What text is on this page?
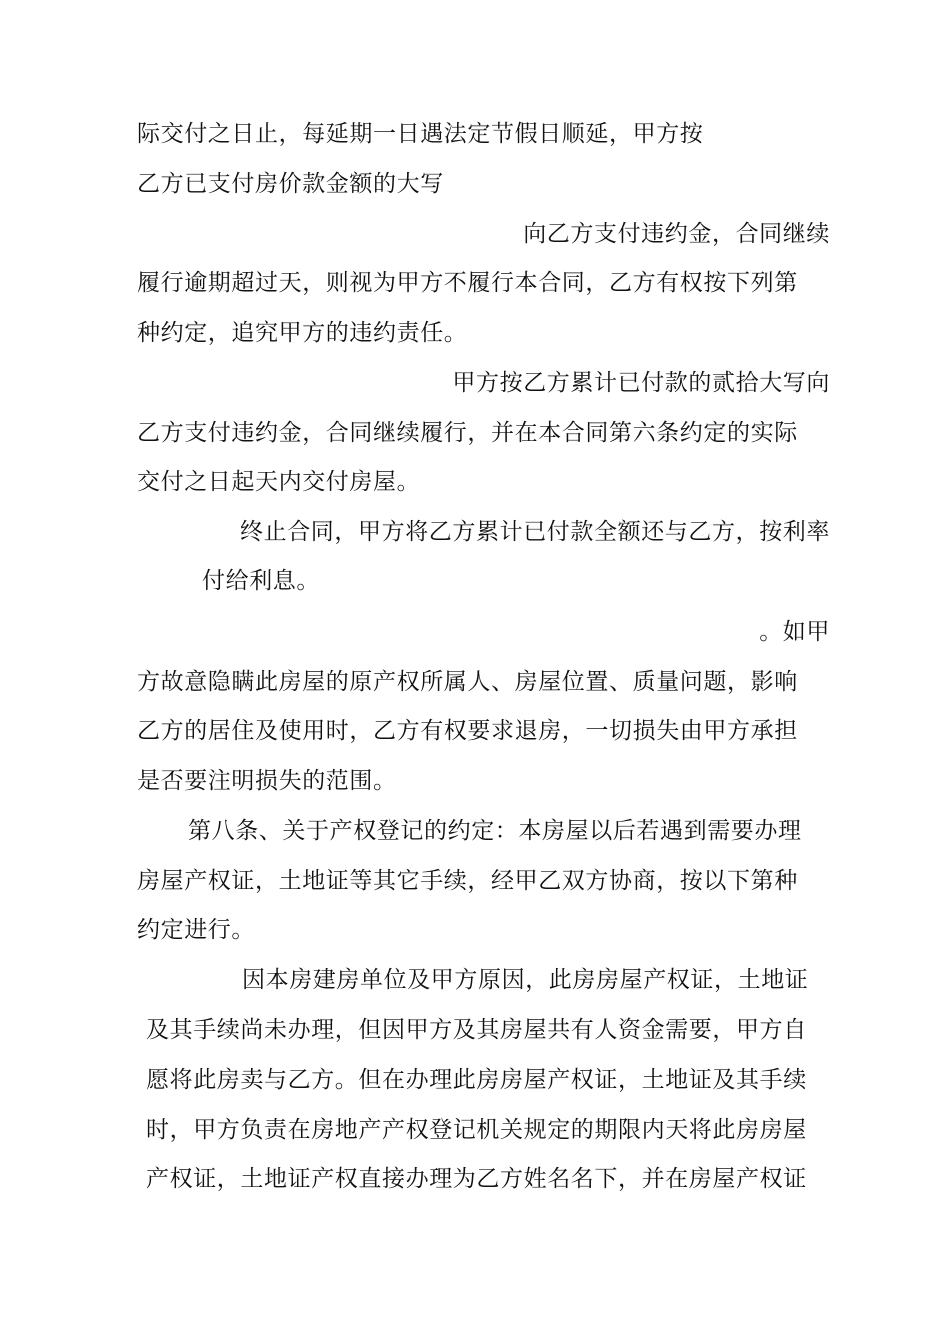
际交付之日止，每延期一日遇法定节假日顺延，甲方按
乙方已支付房价款金额的大写
向乙方支付违约金，合同继续
履行逾期超过天，则视为甲方不履行本合同，乙方有权按下列第
种约定，追究甲方的违约责任。
甲方按乙方累计已付款的贰拾大写向
乙方支付违约金，合同继续履行，并在本合同第六条约定的实际
交付之日起天内交付房屋。
终止合同，甲方将乙方累计已付款全额还与乙方，按利率
付给利息。
。如甲
方故意隐瞒此房屋的原产权所属人、房屋位置、质量问题，影响
乙方的居住及使用时，乙方有权要求退房，一切损失由甲方承担
是否要注明损失的范围。
第八条、关于产权登记的约定：本房屋以后若遇到需要办理
房屋产权证，土地证等其它手续，经甲乙双方协商，按以下第种
约定进行。
因本房建房单位及甲方原因，此房房屋产权证，土地证
及其手续尚未办理，但因甲方及其房屋共有人资金需要，甲方自
愿将此房卖与乙方。但在办理此房房屋产权证，土地证及其手续
时，甲方负责在房地产产权登记机关规定的期限内天将此房房屋
产权证，土地证产权直接办理为乙方姓名名下，并在房屋产权证
